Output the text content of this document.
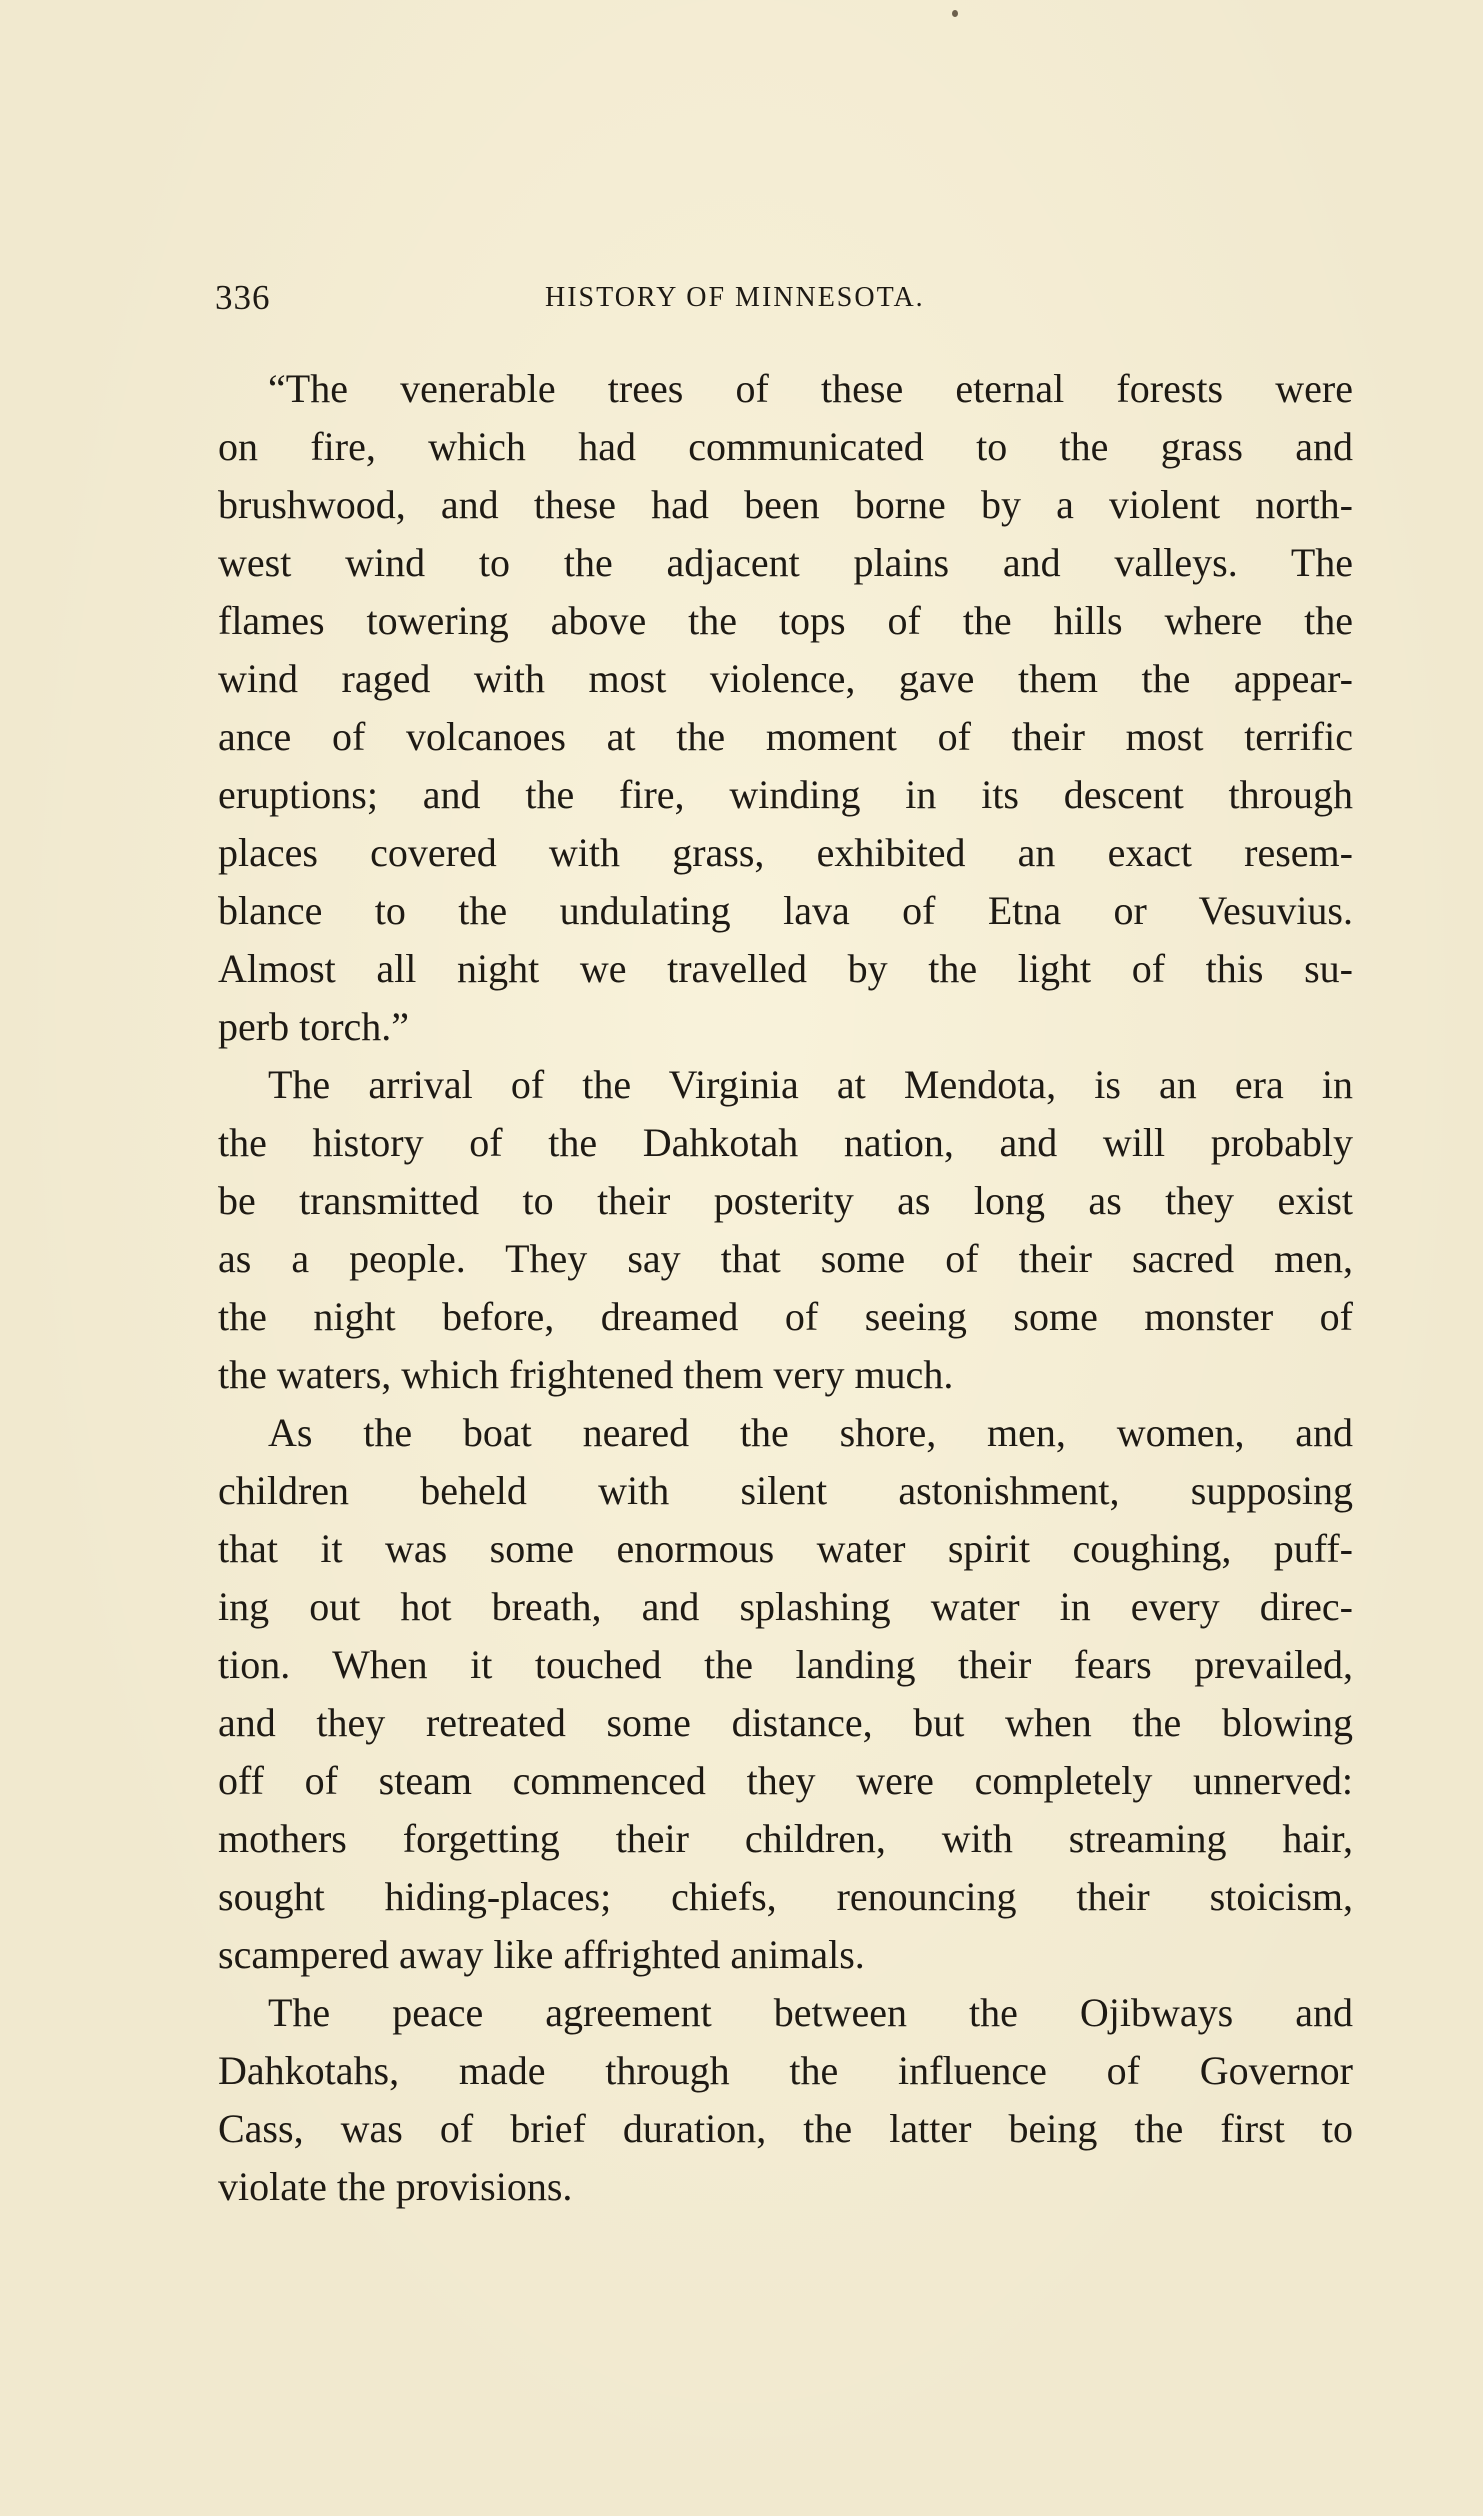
336	HISTORY OF MINNESOTA.
“The venerable trees of these eternal forests were
on fire, which had communicated to the grass and
brushwood, and these had been borne by a violent north-
west wind to the adjacent plains and valleys. The
flames towering above the tops of the hills where the
wind raged with most violence, gave them the appear-
ance of volcanoes at the moment of their most terrific
eruptions; and the fire, winding in its descent through
places covered with grass, exhibited an exact resem-
blance to the undulating lava of Etna or Vesuvius.
Almost all night we travelled by the light of this su-
perb torch.”
The arrival of the Virginia at Mendota, is an era in
the history of the Dahkotah nation, and will probably
be transmitted to their posterity as long as they exist
as a people. They say that some of their sacred men,
the night before, dreamed of seeing some monster of
the waters, which frightened them very much.
As the boat neared the shore, men, women, and
children beheld with silent astonishment, supposing
that it was some enormous water spirit coughing, puff-
ing out hot breath, and splashing water in every direc-
tion. When it touched the landing their fears prevailed,
and they retreated some distance, but when the blowing
off of steam commenced they were completely unnerved:
mothers forgetting their children, with streaming hair,
sought hiding-places; chiefs, renouncing their stoicism,
scampered away like affrighted animals.
The peace agreement between the Ojibways and
Dahkotahs, made through the influence of Governor
Cass, was of brief duration, the latter being the first to
violate the provisions.
